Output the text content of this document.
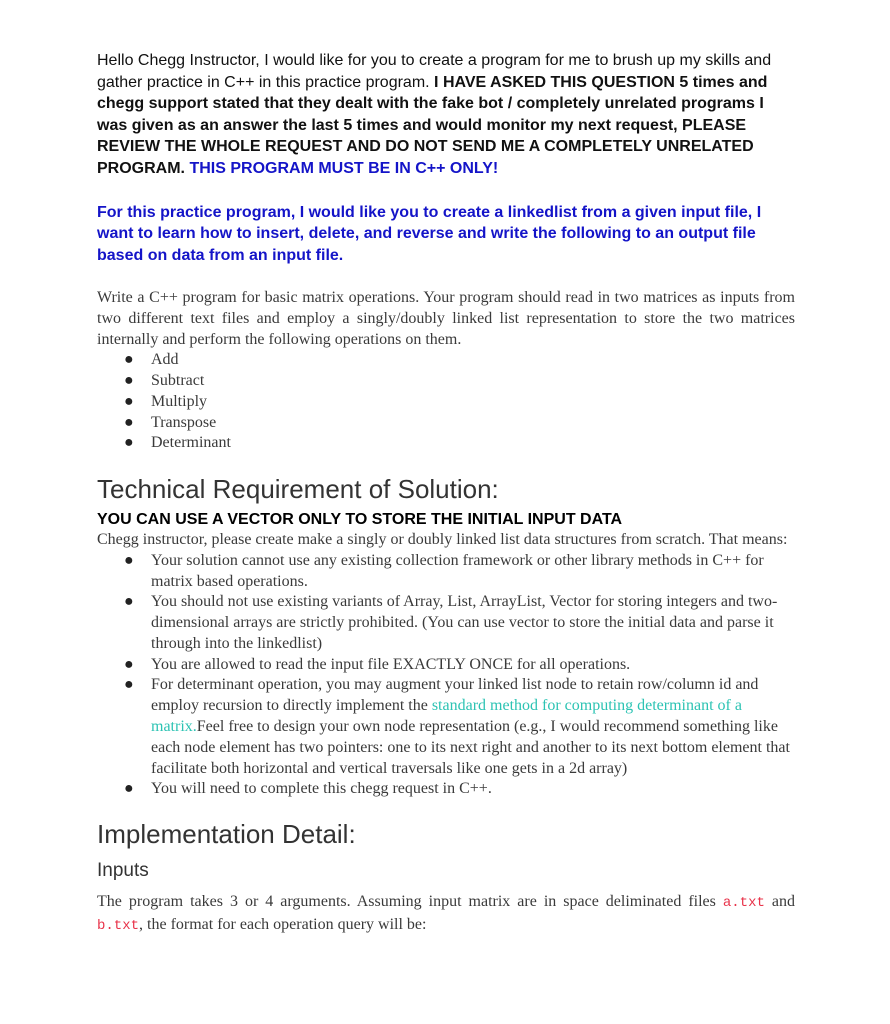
Hello Chegg Instructor, I would like for you to create a program for me to brush up my skills and gather practice in C++ in this practice program. I HAVE ASKED THIS QUESTION 5 times and chegg support stated that they dealt with the fake bot / completely unrelated programs I was given as an answer the last 5 times and would monitor my next request, PLEASE REVIEW THE WHOLE REQUEST AND DO NOT SEND ME A COMPLETELY UNRELATED PROGRAM. THIS PROGRAM MUST BE IN C++ ONLY!

For this practice program, I would like you to create a linkedlist from a given input file, I want to learn how to insert, delete, and reverse and write the following to an output file based on data from an input file.

Write a C++ program for basic matrix operations. Your program should read in two matrices as inputs from two different text files and employ a singly/doubly linked list representation to store the two matrices internally and perform the following operations on them.

● Add
● Subtract
● Multiply
● Transpose
● Determinant
Technical Requirement of Solution:

YOU CAN USE A VECTOR ONLY TO STORE THE INITIAL INPUT DATA

Chegg instructor, please create make a singly or doubly linked list data structures from scratch. That means:

● Your solution cannot use any existing collection framework or other library methods in C++ for matrix based operations.
● You should not use existing variants of Array, List, ArrayList, Vector for storing integers and two-dimensional arrays are strictly prohibited. (You can use vector to store the initial data and parse it through into the linkedlist)
● You are allowed to read the input file EXACTLY ONCE for all operations.
● For determinant operation, you may augment your linked list node to retain row/column id and employ recursion to directly implement the standard method for computing determinant of a matrix.Feel free to design your own node representation (e.g., I would recommend something like each node element has two pointers: one to its next right and another to its next bottom element that facilitate both horizontal and vertical traversals like one gets in a 2d array)
● You will need to complete this chegg request in C++.
Implementation Detail:
Inputs

The program takes 3 or 4 arguments. Assuming input matrix are in space deliminated files a.txt and b.txt, the format for each operation query will be:
